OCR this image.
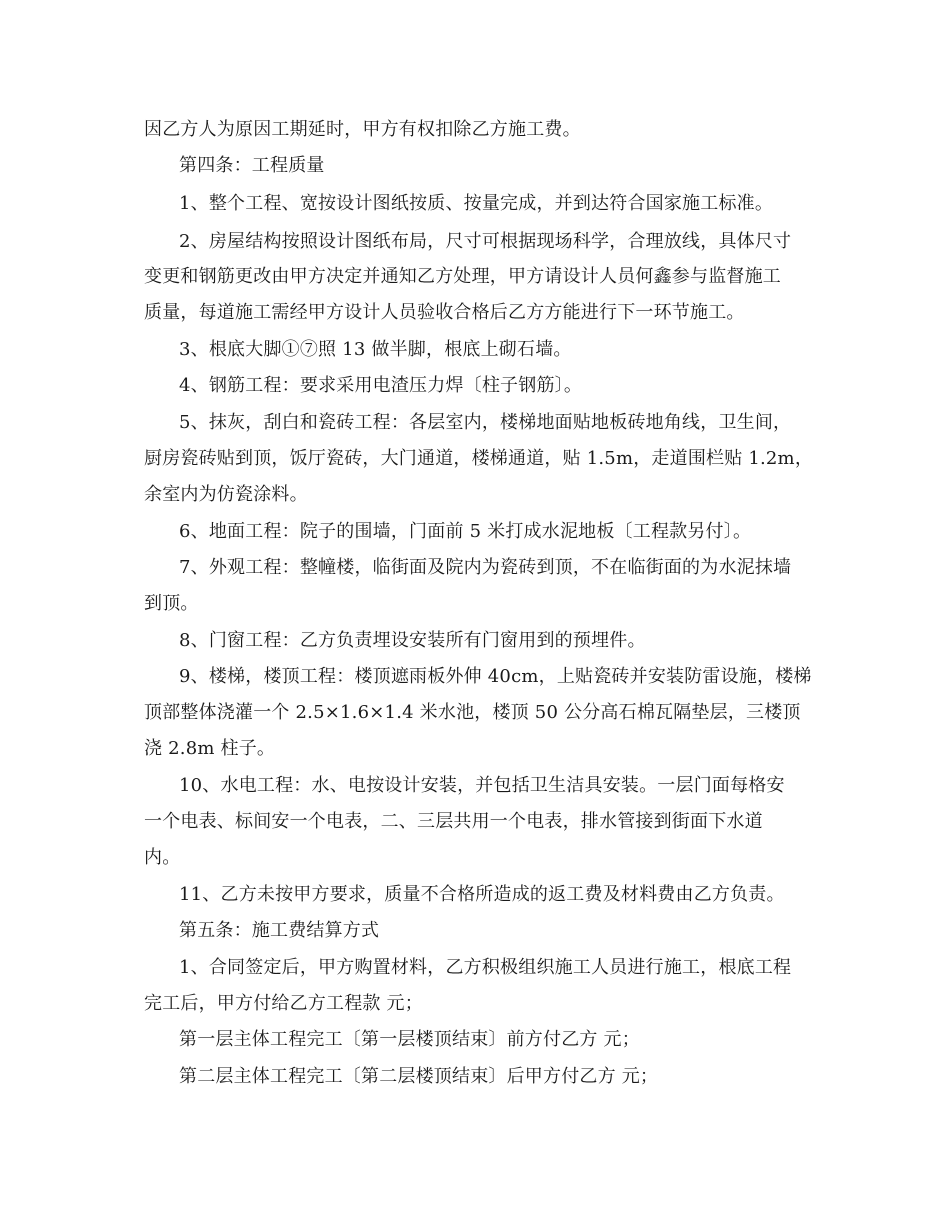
因乙方人为原因工期延时，甲方有权扣除乙方施工费。
第四条：工程质量
1、整个工程、宽按设计图纸按质、按量完成，并到达符合国家施工标准。
2、房屋结构按照设计图纸布局，尺寸可根据现场科学，合理放线，具体尺寸
变更和钢筋更改由甲方决定并通知乙方处理，甲方请设计人员何鑫参与监督施工
质量，每道施工需经甲方设计人员验收合格后乙方方能进行下一环节施工。
3、根底大脚①⑦照 13 做半脚，根底上砌石墙。
4、钢筋工程：要求采用电渣压力焊〔柱子钢筋〕。
5、抹灰，刮白和瓷砖工程：各层室内，楼梯地面贴地板砖地角线，卫生间，
厨房瓷砖贴到顶，饭厅瓷砖，大门通道，楼梯通道，贴 1.5m，走道围栏贴 1.2m，
余室内为仿瓷涂料。
6、地面工程：院子的围墙，门面前 5 米打成水泥地板〔工程款另付〕。
7、外观工程：整幢楼，临街面及院内为瓷砖到顶，不在临街面的为水泥抹墙
到顶。
8、门窗工程：乙方负责埋设安装所有门窗用到的预埋件。
9、楼梯，楼顶工程：楼顶遮雨板外伸 40cm，上贴瓷砖并安装防雷设施，楼梯
顶部整体浇灌一个 2.5×1.6×1.4 米水池，楼顶 50 公分高石棉瓦隔垫层，三楼顶
浇 2.8m 柱子。
10、水电工程：水、电按设计安装，并包括卫生洁具安装。一层门面每格安
一个电表、标间安一个电表，二、三层共用一个电表，排水管接到街面下水道
内。
11、乙方未按甲方要求，质量不合格所造成的返工费及材料费由乙方负责。
第五条：施工费结算方式
1、合同签定后，甲方购置材料，乙方积极组织施工人员进行施工，根底工程
完工后，甲方付给乙方工程款 元；
第一层主体工程完工〔第一层楼顶结束〕前方付乙方 元；
第二层主体工程完工〔第二层楼顶结束〕后甲方付乙方 元；
